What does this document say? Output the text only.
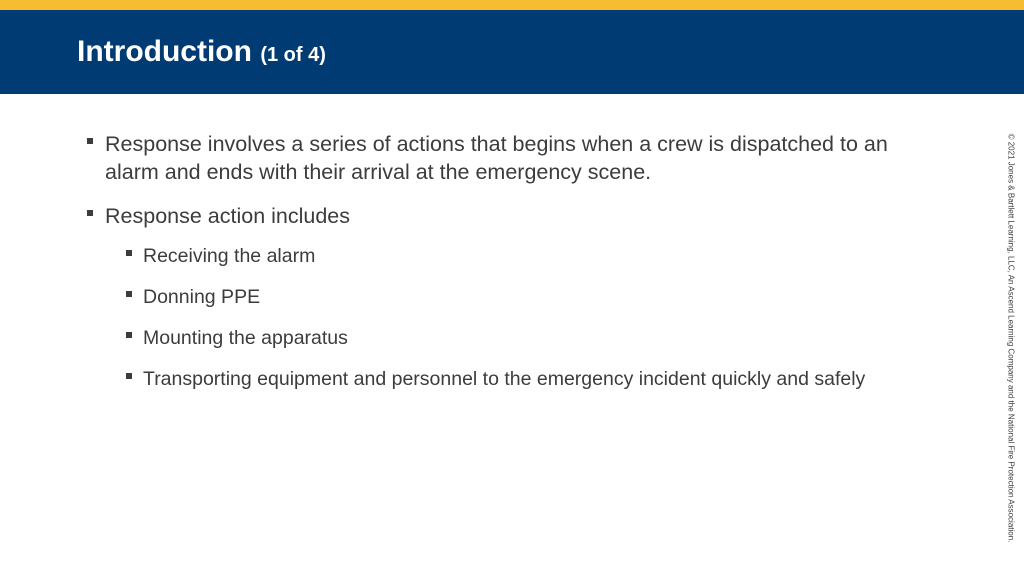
Introduction (1 of 4)
Response involves a series of actions that begins when a crew is dispatched to an alarm and ends with their arrival at the emergency scene.
Response action includes
Receiving the alarm
Donning PPE
Mounting the apparatus
Transporting equipment and personnel to the emergency incident quickly and safely	© 2021 Jones & Bartlett Learning, LLC, An Ascend Learning Company and the National Fire Protection Association.
